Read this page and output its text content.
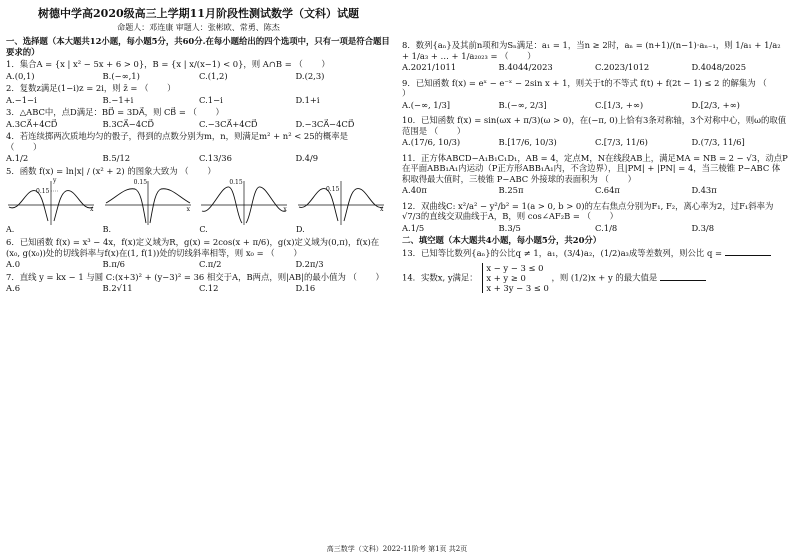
树德中学高2020级高三上学期11月阶段性测试数学（文科）试题
命题人：邓连康 审题人：张彬欧、常勇、陈杰
一、选择题（本大题共12小题，每小题5分，共60分.在每小题给出的四个选项中，只有一项是符合题目要求的）
1．集合A = {x | x² − 5x + 6 > 0}，B = {x | x/(x−1) < 0}，则 A∩B = （ ）
A.(0,1)	B.(−∞,1)	C.(1,2)	D.(2,3)
2．复数z满足(1−i)z = 2i，则 z̄ = （ ）
A.−1−i	B.−1+i	C.1−i	D.1+i
3．△ABC中，点D满足：BD⃗ = 3DA⃗，则 CB⃗ = （ ）
A.3CA⃗+4CD⃗	B.3CA⃗−4CD⃗	C.−3CA⃗+4CD⃗	D.−3CA⃗−4CD⃗
4．若连续掷两次质地均匀的骰子，得到的点数分别为m，n，则满足m² + n² < 25的概率是 （ ）
A.1/2	B.5/12	C.13/36	D.4/9
5．函数 f(x) = ln|x| / (x² + 2) 的图象大致为 （ ）
0.15
y
x
A.
0.15
x
B.
0.15
x
C.
0.15
x
D.
6．已知函数 f(x) = x³ − 4x，f(x)定义域为R，g(x) = 2cos(x + π/6)，g(x)定义域为(0,π)，f(x)在
(x₀, g(x₀))处的切线斜率与f(x)在(1, f(1))处的切线斜率相等，则 x₀ = （ ）
A.0	B.π/6	C.π/2	D.2π/3
7．直线 y = kx − 1 与圆 C:(x+3)² + (y−3)² = 36 相交于A，B两点，则|AB|的最小值为 （ ）
A.6	B.2√11	C.12	D.16
8．数列{aₙ}及其前n项和为Sₙ满足：a₁ = 1，当n ≥ 2时，aₙ = (n+1)/(n−1)·aₙ₋₁，则 1/a₁ + 1/a₂ + 1/a₃ + … + 1/a₂₀₂₃ = （ ）
A.2021/1011	B.4044/2023	C.2023/1012	D.4048/2025
9．已知函数 f(x) = eˣ − e⁻ˣ − 2sin x + 1，则关于t的不等式 f(t) + f(2t − 1) ≤ 2 的解集为 （ ）
A.(−∞, 1/3]	B.(−∞, 2/3]	C.[1/3, +∞)	D.[2/3, +∞)
10．已知函数 f(x) = sin(ωx + π/3)(ω > 0)，在(−π, 0)上恰有3条对称轴，3个对称中心，则ω的取值范围是 （ ）
A.(17/6, 10/3)	B.[17/6, 10/3)	C.[7/3, 11/6)	D.(7/3, 11/6]
11．正方体ABCD−A₁B₁C₁D₁，AB = 4，定点M，N在线段AB上，满足MA = NB = 2 − √3，动点P在平面ABB₁A₁内运动（P正方形ABB₁A₁内，不含边界），且|PM| + |PN| = 4，当三棱锥 P−ABC 体积取得最大值时，三棱锥 P−ABC 外接球的表面积为 （ ）
A.40π	B.25π	C.64π	D.43π
12．双曲线C: x²/a² − y²/b² = 1(a > 0, b > 0)的左右焦点分别为F₁, F₂，离心率为2，过F₁斜率为√7/3的直线交双曲线于A，B，则 cos∠AF₂B = （ ）
A.1/5	B.3/5	C.1/8	D.3/8
二、填空题（本大题共4小题，每小题5分，共20分）
13．已知等比数列{aₙ}的公比q ≠ 1，a₁，(3/4)a₂，(1/2)a₃成等差数列，则公比 q =
14．实数x, y满足：
x − y − 3 ≤ 0
x + y ≥ 0
x + 3y − 3 ≤ 0
，则 (1/2)x + y 的最大值是
高三数学（文科）2022-11阶考 第1页 共2页
